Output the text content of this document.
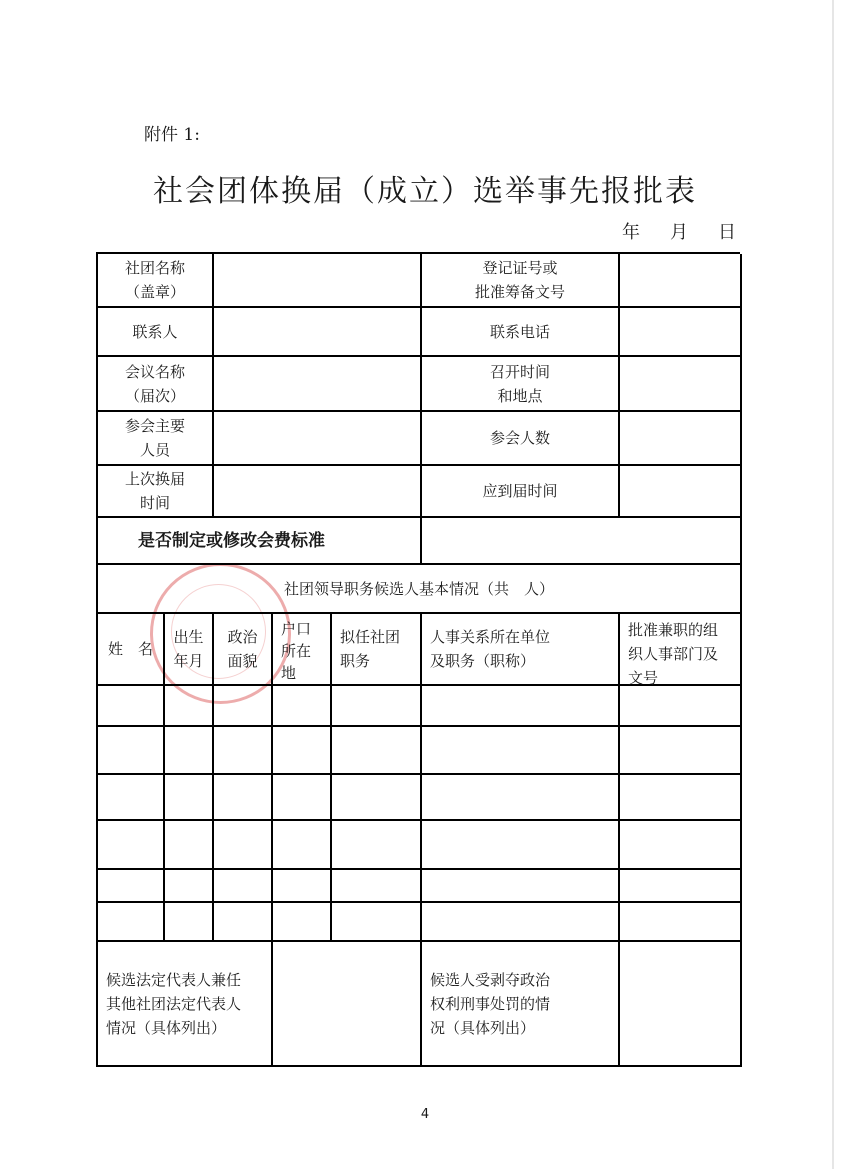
附件 1:
社会团体换届（成立）选举事先报批表
年 月 日
社团名称
（盖章）
登记证号或
批准筹备文号
联系人	联系电话
会议名称
（届次）
召开时间
和地点
参会主要
人员
参会人数
上次换届
时间
应到届时间
是否制定或修改会费标准
社团领导职务候选人基本情况（共　人）
姓　名
出生
年月
政治
面貌
户口
所在
地
拟任社团
职务
人事关系所在单位
及职务（职称）
批准兼职的组
织人事部门及
文号
候选法定代表人兼任
其他社团法定代表人
情况（具体列出）
候选人受剥夺政治
权利刑事处罚的情
况（具体列出）
4
